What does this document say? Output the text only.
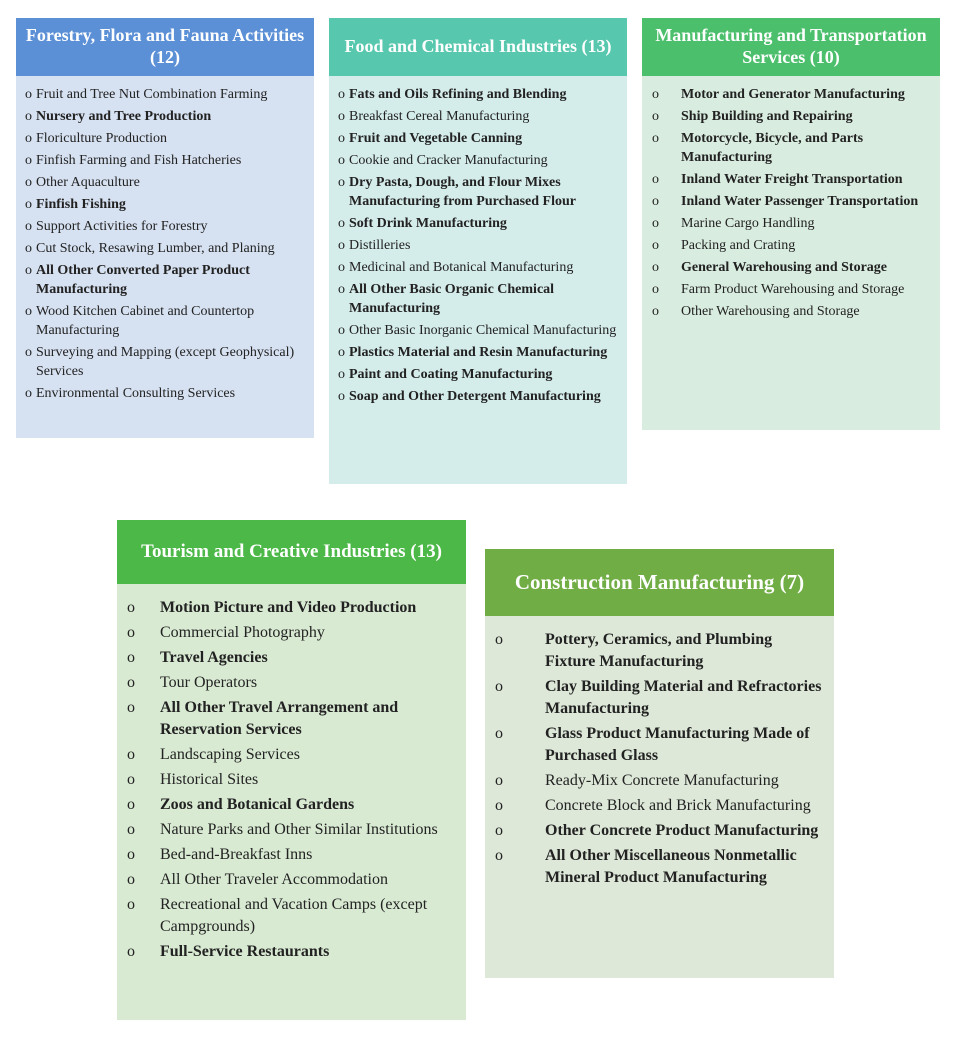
Forestry, Flora and Fauna Activities (12)
o Fruit and Tree Nut Combination Farming
o Nursery and Tree Production
o Floriculture Production
o Finfish Farming and Fish Hatcheries
o Other Aquaculture
o Finfish Fishing
o Support Activities for Forestry
o Cut Stock, Resawing Lumber, and Planing
o All Other Converted Paper Product Manufacturing
o Wood Kitchen Cabinet and Countertop Manufacturing
o Surveying and Mapping (except Geophysical) Services
o Environmental Consulting Services
Food and Chemical Industries (13)
o Fats and Oils Refining and Blending
o Breakfast Cereal Manufacturing
o Fruit and Vegetable Canning
o Cookie and Cracker Manufacturing
o Dry Pasta, Dough, and Flour Mixes Manufacturing from Purchased Flour
o Soft Drink Manufacturing
o Distilleries
o Medicinal and Botanical Manufacturing
o All Other Basic Organic Chemical Manufacturing
o Other Basic Inorganic Chemical Manufacturing
o Plastics Material and Resin Manufacturing
o Paint and Coating Manufacturing
o Soap and Other Detergent Manufacturing
Manufacturing and Transportation Services (10)
o	Motor and Generator Manufacturing
o	Ship Building and Repairing
o	Motorcycle, Bicycle, and Parts Manufacturing
o	Inland Water Freight Transportation
o	Inland Water Passenger Transportation
o	Marine Cargo Handling
o	Packing and Crating
o	General Warehousing and Storage
o	Farm Product Warehousing and Storage
o	Other Warehousing and Storage
Tourism and Creative Industries (13)
o	Motion Picture and Video Production
o	Commercial Photography
o	Travel Agencies
o	Tour Operators
o	All Other Travel Arrangement and Reservation Services
o	Landscaping Services
o	Historical Sites
o	Zoos and Botanical Gardens
o	Nature Parks and Other Similar Institutions
o	Bed-and-Breakfast Inns
o	All Other Traveler Accommodation
o	Recreational and Vacation Camps (except Campgrounds)
o	Full-Service Restaurants
Construction Manufacturing (7)
o	Pottery, Ceramics, and Plumbing Fixture Manufacturing
o	Clay Building Material and Refractories Manufacturing
o	Glass Product Manufacturing Made of Purchased Glass
o	Ready-Mix Concrete Manufacturing
o	Concrete Block and Brick Manufacturing
o	Other Concrete Product Manufacturing
o	All Other Miscellaneous Nonmetallic Mineral Product Manufacturing
